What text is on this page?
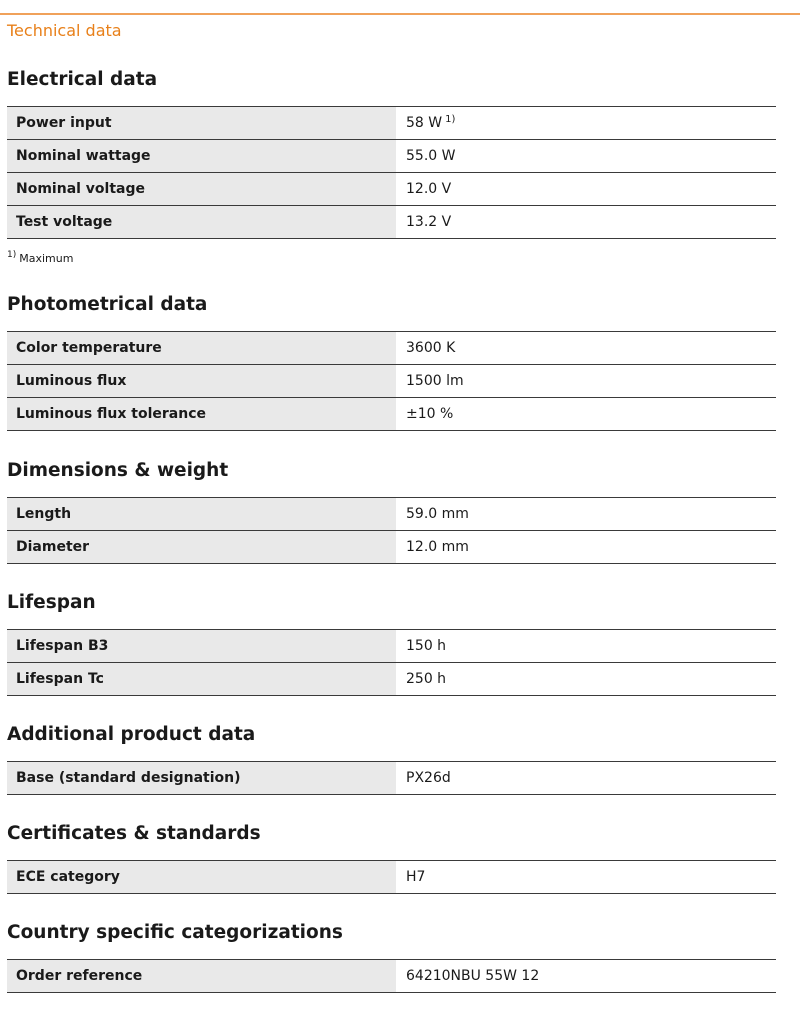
Technical data
Electrical data
Power input	58 W $^{1)}$
Nominal wattage	55.0 W
Nominal voltage	12.0 V
Test voltage	13.2 V
$^{1)}$ Maximum
Photometrical data
Color temperature	3600 K
Luminous flux	1500 lm
Luminous flux tolerance	±10 %
Dimensions & weight
Length	59.0 mm
Diameter	12.0 mm
Lifespan
Lifespan B3	150 h
Lifespan Tc	250 h
Additional product data
Base (standard designation)	PX26d
Certificates & standards
ECE category	H7
Country specific categorizations
Order reference	64210NBU 55W 12
